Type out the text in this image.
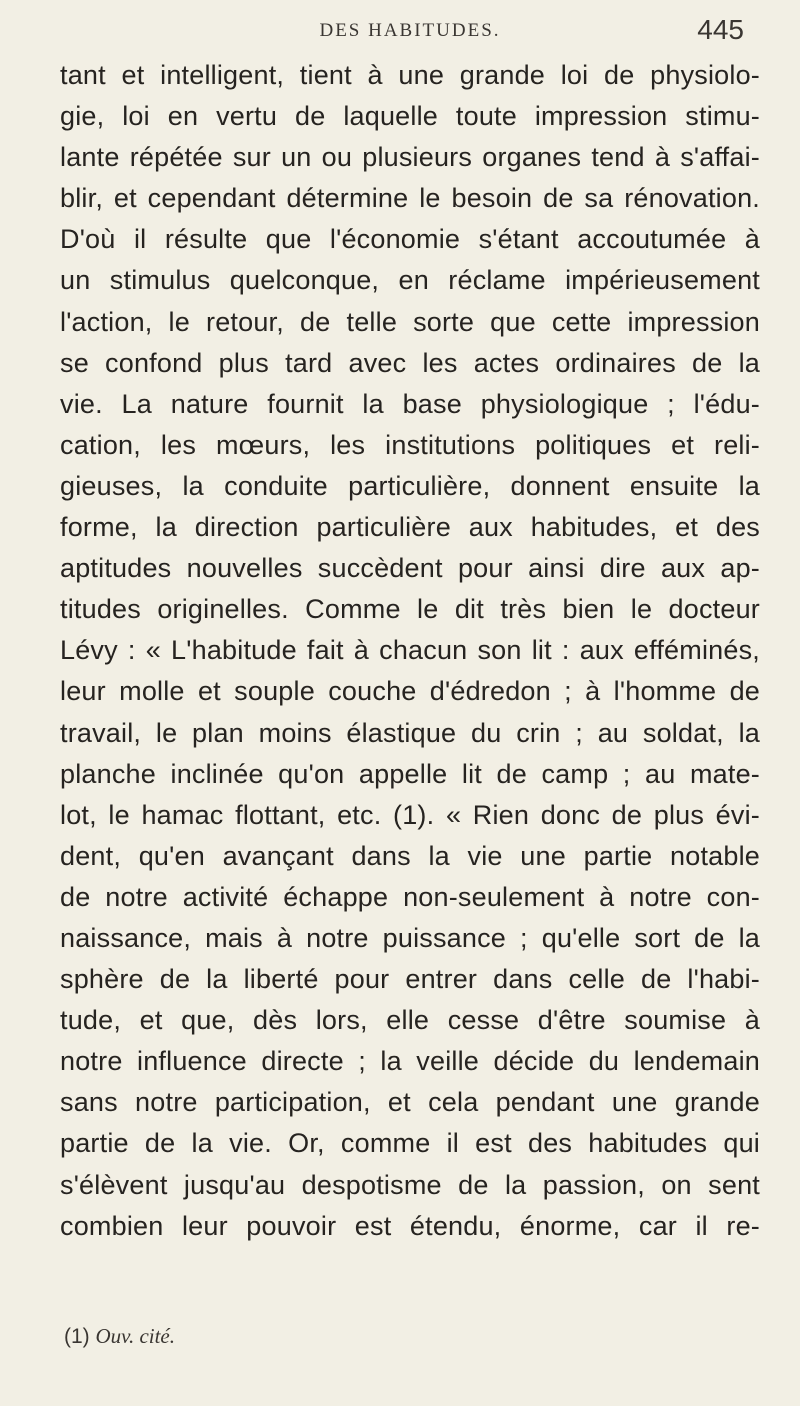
DES HABITUDES.	445
tant et intelligent, tient à une grande loi de physiolo-
gie, loi en vertu de laquelle toute impression stimu-
lante répétée sur un ou plusieurs organes tend à s'affai-
blir, et cependant détermine le besoin de sa rénovation.
D'où il résulte que l'économie s'étant accoutumée à
un stimulus quelconque, en réclame impérieusement
l'action, le retour, de telle sorte que cette impression
se confond plus tard avec les actes ordinaires de la
vie. La nature fournit la base physiologique ; l'édu-
cation, les mœurs, les institutions politiques et reli-
gieuses, la conduite particulière, donnent ensuite la
forme, la direction particulière aux habitudes, et des
aptitudes nouvelles succèdent pour ainsi dire aux ap-
titudes originelles. Comme le dit très bien le docteur
Lévy : « L'habitude fait à chacun son lit : aux efféminés,
leur molle et souple couche d'édredon ; à l'homme de
travail, le plan moins élastique du crin ; au soldat, la
planche inclinée qu'on appelle lit de camp ; au mate-
lot, le hamac flottant, etc. (1). « Rien donc de plus évi-
dent, qu'en avançant dans la vie une partie notable
de notre activité échappe non-seulement à notre con-
naissance, mais à notre puissance ; qu'elle sort de la
sphère de la liberté pour entrer dans celle de l'habi-
tude, et que, dès lors, elle cesse d'être soumise à
notre influence directe ; la veille décide du lendemain
sans notre participation, et cela pendant une grande
partie de la vie. Or, comme il est des habitudes qui
s'élèvent jusqu'au despotisme de la passion, on sent
combien leur pouvoir est étendu, énorme, car il re-
(1) Ouv. cité.
